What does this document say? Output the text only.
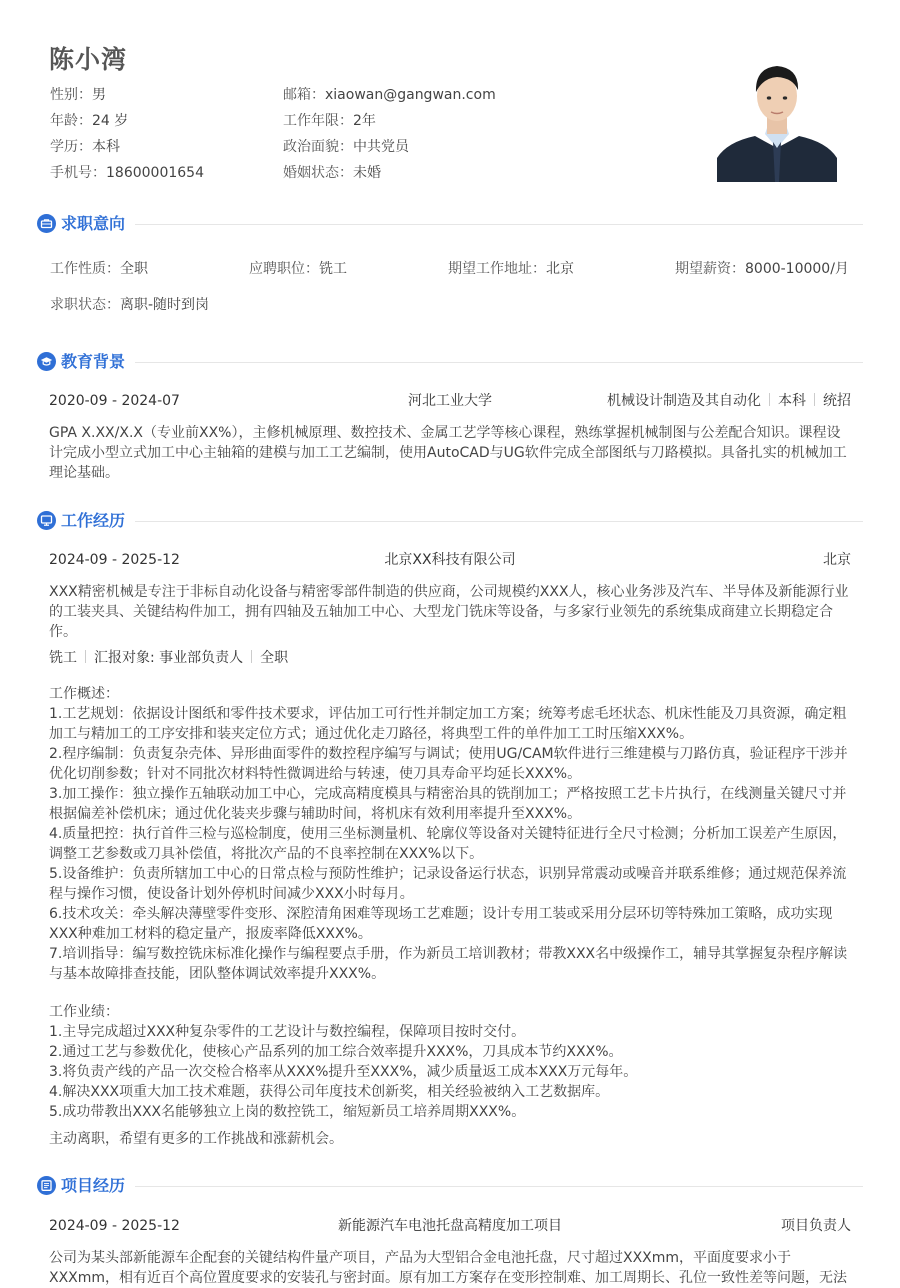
陈小湾
性别：男	邮箱：xiaowan@gangwan.com
年龄：24 岁	工作年限：2年
学历：本科	政治面貌：中共党员
手机号：18600001654	婚姻状态：未婚
求职意向
工作性质：全职	应聘职位：铣工	期望工作地址：北京	期望薪资：8000-10000/月
求职状态：离职-随时到岗
教育背景
2020-09 - 2024-07	河北工业大学	机械设计制造及其自动化 本科 统招
GPA X.XX/X.X（专业前XX%），主修机械原理、数控技术、金属工艺学等核心课程，熟练掌握机械制图与公差配合知识。课程设计完成小型立式加工中心主轴箱的建模与加工工艺编制，使用AutoCAD与UG软件完成全部图纸与刀路模拟。具备扎实的机械加工理论基础。
工作经历
2024-09 - 2025-12	北京XX科技有限公司	北京
XXX精密机械是专注于非标自动化设备与精密零部件制造的供应商，公司规模约XXX人，核心业务涉及汽车、半导体及新能源行业的工装夹具、关键结构件加工，拥有四轴及五轴加工中心、大型龙门铣床等设备，与多家行业领先的系统集成商建立长期稳定合作。
铣工 汇报对象: 事业部负责人 全职

工作概述：

1.工艺规划：依据设计图纸和零件技术要求，评估加工可行性并制定加工方案；统筹考虑毛坯状态、机床性能及刀具资源，确定粗加工与精加工的工序安排和装夹定位方式；通过优化走刀路径，将典型工件的单件加工工时压缩XXX%。

2.程序编制：负责复杂壳体、异形曲面零件的数控程序编写与调试；使用UG/CAM软件进行三维建模与刀路仿真，验证程序干涉并优化切削参数；针对不同批次材料特性微调进给与转速，使刀具寿命平均延长XXX%。

3.加工操作：独立操作五轴联动加工中心，完成高精度模具与精密治具的铣削加工；严格按照工艺卡片执行，在线测量关键尺寸并根据偏差补偿机床；通过优化装夹步骤与辅助时间，将机床有效利用率提升至XXX%。

4.质量把控：执行首件三检与巡检制度，使用三坐标测量机、轮廓仪等设备对关键特征进行全尺寸检测；分析加工误差产生原因，调整工艺参数或刀具补偿值，将批次产品的不良率控制在XXX%以下。

5.设备维护：负责所辖加工中心的日常点检与预防性维护；记录设备运行状态，识别异常震动或噪音并联系维修；通过规范保养流程与操作习惯，使设备计划外停机时间减少XXX小时每月。

6.技术攻关：牵头解决薄壁零件变形、深腔清角困难等现场工艺难题；设计专用工装或采用分层环切等特殊加工策略，成功实现XXX种难加工材料的稳定量产，报废率降低XXX%。

7.培训指导：编写数控铣床标准化操作与编程要点手册，作为新员工培训教材；带教XXX名中级操作工，辅导其掌握复杂程序解读与基本故障排查技能，团队整体调试效率提升XXX%。

工作业绩：

1.主导完成超过XXX种复杂零件的工艺设计与数控编程，保障项目按时交付。

2.通过工艺与参数优化，使核心产品系列的加工综合效率提升XXX%，刀具成本节约XXX%。

3.将负责产线的产品一次交检合格率从XXX%提升至XXX%，减少质量返工成本XXX万元每年。

4.解决XXX项重大加工技术难题，获得公司年度技术创新奖，相关经验被纳入工艺数据库。

5.成功带教出XXX名能够独立上岗的数控铣工，缩短新员工培养周期XXX%。

主动离职，希望有更多的工作挑战和涨薪机会。
项目经历
2024-09 - 2025-12	新能源汽车电池托盘高精度加工项目	项目负责人
公司为某头部新能源车企配套的关键结构件量产项目，产品为大型铝合金电池托盘，尺寸超过XXXmm，平面度要求小于XXXmm，相有近百个高位置度要求的安装孔与密封面。原有加工方案存在变形控制难、加工周期长、孔位一致性差等问题，无法
